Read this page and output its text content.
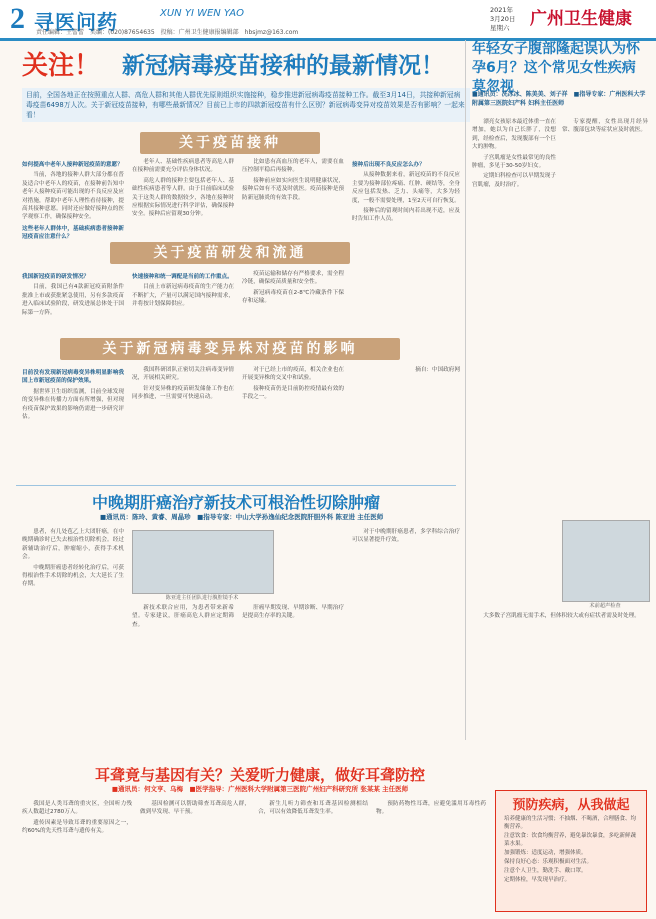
2 寻医问药	XUN YI WEN YAO
责任编辑：王蕾蕾　美编：(020)87654635　投稿：广州卫生健康报编辑部　hbsjmz@163.com
2021年
3月20日
星期六	广州卫生健康
关注！ 新冠病毒疫苗接种的最新情况！
目前，全国各地正在按照重点人群、高危人群和其他人群优先原则组织实施接种，稳步推进新冠病毒疫苗接种工作。截至3月14日，共接种新冠病毒疫苗6498万人次。关于新冠疫苗接种，有哪些最新情况？目前已上市的四款新冠疫苗有什么区别？新冠病毒变异对疫苗效果是否有影响？一起来看！
关于疫苗接种

如何提高中老年人接种新冠疫苗的意愿？

当前，各地的接种人群大部分都在普及适合中老年人的疫苗，在接种前告知中老年人接种疫苗可能出现的不良反应及应对措施，帮助中老年人理性看待接种，提高其接种意愿。同时还应做好接种点的医学观察工作，确保接种安全。

这些老年人群体中，基础疾病患者接种新冠疫苗应注意什么？

老年人、基础性疾病患者等高危人群在接种前需要充分评估身体状况。

高危人群的接种主要包括老年人、基础性疾病患者等人群。由于目前临床试验关于这类人群的数据较少，各地在接种时应根据实际情况进行科学评估，确保接种安全。接种后应留观30分钟。

比如患有高血压的老年人，需要在血压控制平稳后再接种。

接种前应如实向医生说明健康状况，接种后如有不适及时就医。疫苗接种是预防新冠肺炎的有效手段。

接种后出现不良反应怎么办？

从接种数据来看，新冠疫苗的不良反应主要为接种部位疼痛、红肿、硬结等，全身反应包括发热、乏力、头痛等，大多为轻度，一般不需要处理，1至2天可自行恢复。

接种后的留观时间内若出现不适，应及时告知工作人员。

关于疫苗研发和流通

我国新冠疫苗的研发情况？

目前，我国已有4款新冠疫苗附条件批准上市或获批紧急使用，另有多款疫苗进入临床试验阶段，研发进展总体处于国际第一方阵。

快速接种和统一调配是当前的工作重点。

目前上市新冠病毒疫苗的生产能力在不断扩大，产量可以满足国内接种需求，并将按计划保障供应。

疫苗运输和储存有严格要求，需全程冷链，确保疫苗质量和安全性。

新冠病毒疫苗在2-8℃冷藏条件下保存和运输。

关于新冠病毒变异株对疫苗的影响

目前没有发现新冠病毒变异株明显影响我国上市新冠疫苗的保护效果。

据世界卫生组织监测，目前全球发现的变异株在传播力方面有所增强，但对现有疫苗保护效果的影响仍需进一步研究评估。

我国科研团队正密切关注病毒变异情况，开展相关研究。

针对变异株的疫苗研发储备工作也在同步推进，一旦需要可快速启动。

对于已经上市的疫苗，相关企业也在开展变异株的交叉中和试验。

接种疫苗仍是目前防控疫情最有效的手段之一。

摘自：中国政府网

中晚期肝癌治疗新技术可根治性切除肿瘤
■通讯员：陈玲、黄睿、周晶珍　■指导专家：中山大学孙逸仙纪念医院肝胆外科 陈亚进 主任医师

患者，有几处苞乙上大团肝癌，在中晚期确诊时已失去根治性切除机会。经过新辅助治疗后，肿瘤缩小，获得手术机会。

中晚期肝癌患者经转化治疗后，可获得根治性手术切除的机会，大大延长了生存期。

陈亚进主任团队进行腹腔镜手术

新技术联合应用，为患者带来新希望。专家建议，肝癌高危人群应定期筛查。

肝癌早期发现、早期诊断、早期治疗是提高生存率的关键。

对于中晚期肝癌患者，多学科综合治疗可以显著提升疗效。

年轻女子腹部隆起误认为怀孕6月？这个常见女性疾病莫忽视
■通讯员：冼冰冰、陈美美、刘子祥　■指导专家：广州医科大学附属第三医院妇产科 妇科主任医师

漂亮女孩原本最近体重一直在增加，她以为自己长胖了，没想到，经检查后，发现腹部有一个巨大的肿物。

子宫肌瘤是女性最常见的良性肿瘤，多见于30-50岁妇女。

定期妇科检查可以早期发现子宫肌瘤，及时治疗。

专家提醒，女性出现月经异常、腹部包块等症状应及时就医。

术前超声检查

大多数子宫肌瘤无需手术，但体积较大或有症状者需及时处理。

耳聋竟与基因有关？关爱听力健康，做好耳聋防控
■通讯员：何文亨、乌梅　■医学指导：广州医科大学附属第三医院广州妇产科研究所 张某某 主任医师

我国是人类耳聋的重灾区，全国听力残疾人数超过2780万人。

遗传因素是导致耳聋的重要原因之一，约60%的先天性耳聋与遗传有关。

基因检测可以帮助筛查耳聋高危人群，做到早发现、早干预。

新生儿听力筛查和耳聋基因检测相结合，可以有效降低耳聋发生率。

预防药物性耳聋，应避免滥用耳毒性药物。	预防疾病，从我做起
培养健康的生活习惯；不抽烟、不喝酒，合理膳食、均衡营养。
注意饮食：饮食均衡营养，避免暴饮暴食，多吃新鲜蔬菜水果。
加强锻炼：适度运动，增强体质。
保持良好心态：乐观积极面对生活。
注意个人卫生，勤洗手、戴口罩。
定期体检，早发现早治疗。
